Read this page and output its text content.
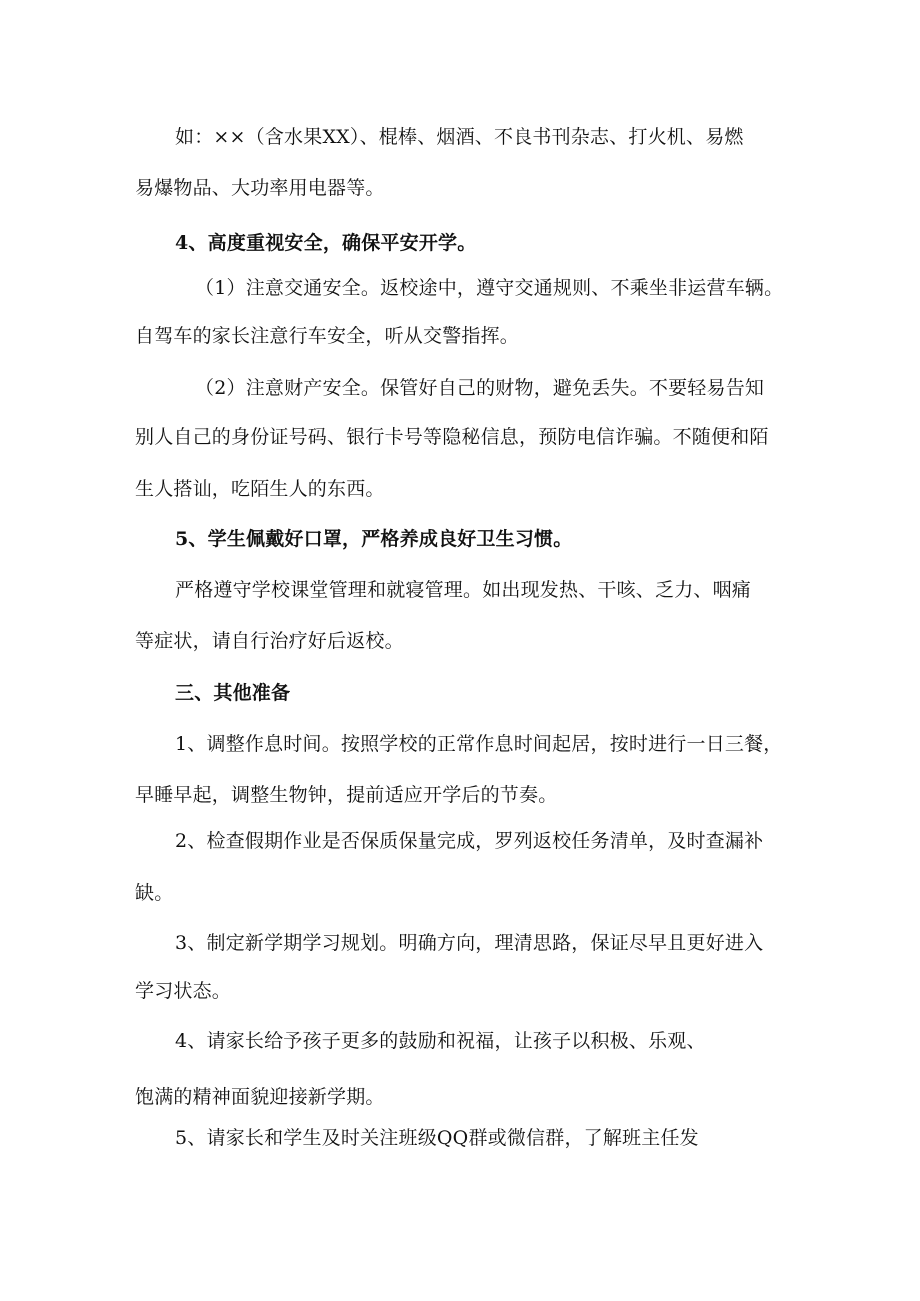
如：××（含水果XX）、棍棒、烟酒、不良书刊杂志、打火机、易燃
易爆物品、大功率用电器等。
4、高度重视安全，确保平安开学。
（1）注意交通安全。返校途中，遵守交通规则、不乘坐非运营车辆。
自驾车的家长注意行车安全，听从交警指挥。
（2）注意财产安全。保管好自己的财物，避免丢失。不要轻易告知
别人自己的身份证号码、银行卡号等隐秘信息，预防电信诈骗。不随便和陌
生人搭讪，吃陌生人的东西。
5、学生佩戴好口罩，严格养成良好卫生习惯。
严格遵守学校课堂管理和就寝管理。如出现发热、干咳、乏力、咽痛
等症状，请自行治疗好后返校。
三、其他准备
1、调整作息时间。按照学校的正常作息时间起居，按时进行一日三餐，
早睡早起，调整生物钟，提前适应开学后的节奏。
2、检查假期作业是否保质保量完成，罗列返校任务清单，及时查漏补
缺。
3、制定新学期学习规划。明确方向，理清思路，保证尽早且更好进入
学习状态。
4、请家长给予孩子更多的鼓励和祝福，让孩子以积极、乐观、
饱满的精神面貌迎接新学期。
5、请家长和学生及时关注班级QQ群或微信群，了解班主任发
